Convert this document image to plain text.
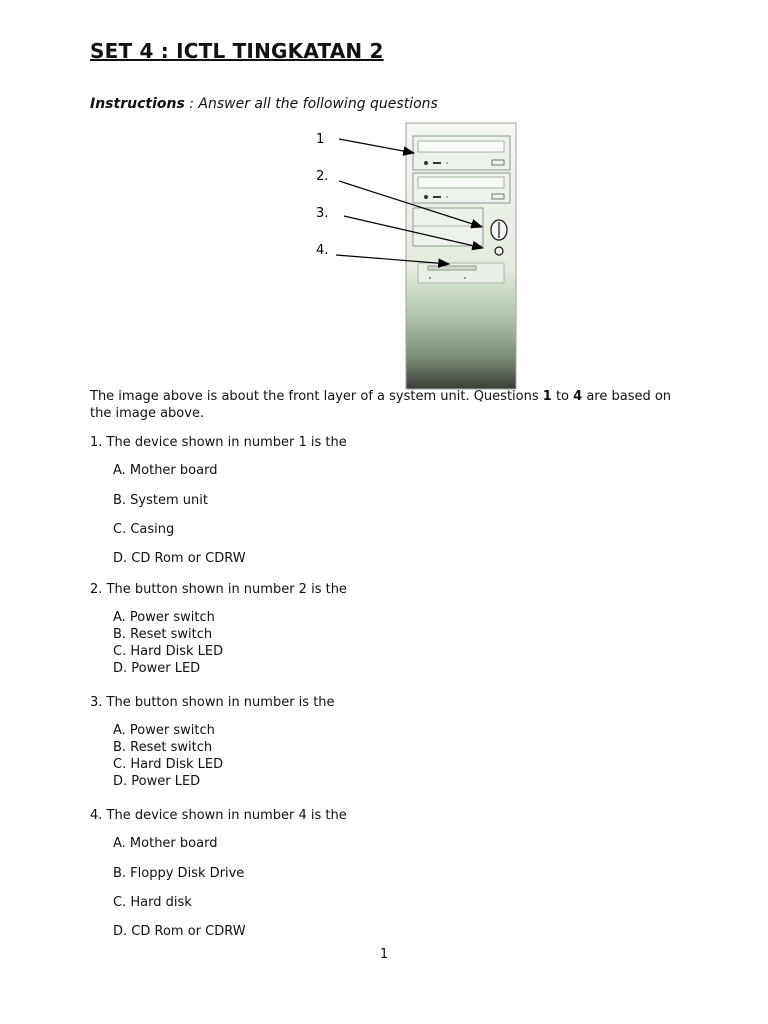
SET 4 : ICTL TINGKATAN 2
Instructions : Answer all the following questions
1
2.
3.
4.
The image above is about the front layer of a system unit. Questions 1 to 4 are based on
the image above.
1. The device shown in number 1 is the
A. Mother board
B. System unit
C. Casing
D. CD Rom or CDRW
2. The button shown in number 2 is the
A. Power switch
B. Reset switch
C. Hard Disk LED
D. Power LED
3. The button shown in number is the
A. Power switch
B. Reset switch
C. Hard Disk LED
D. Power LED
4. The device shown in number 4 is the
A. Mother board
B. Floppy Disk Drive
C. Hard disk
D. CD Rom or CDRW
1
